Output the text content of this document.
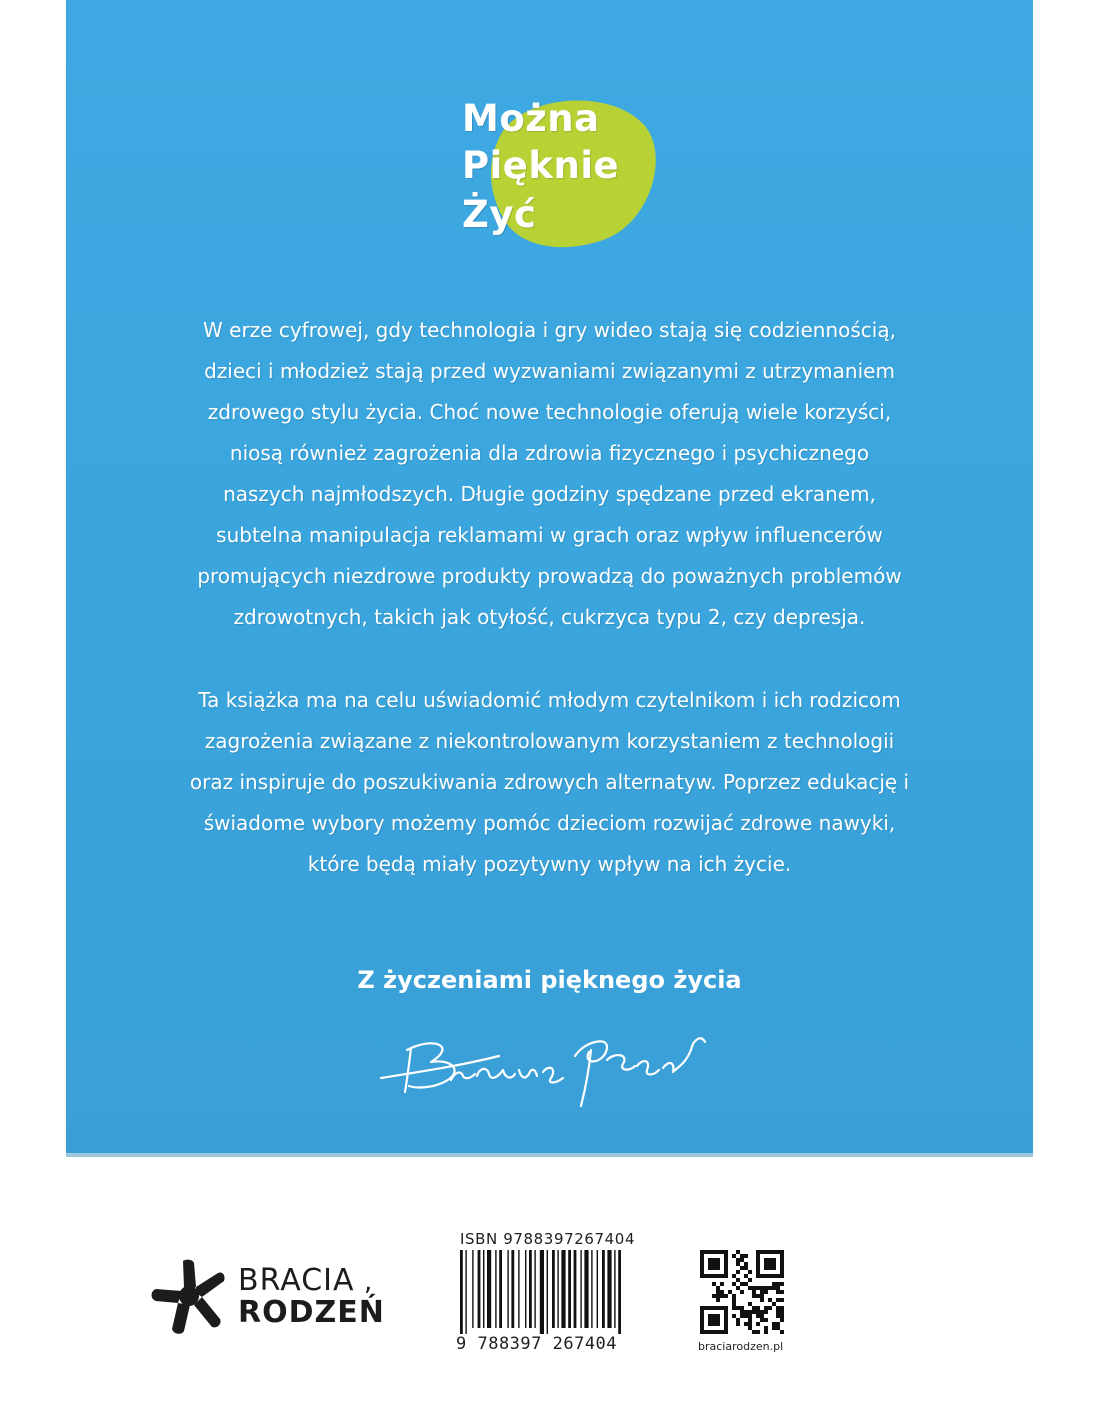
Można
Pięknie
Żyć
W erze cyfrowej, gdy technologia i gry wideo stają się codziennością,
dzieci i młodzież stają przed wyzwaniami związanymi z utrzymaniem
zdrowego stylu życia. Choć nowe technologie oferują wiele korzyści,
niosą również zagrożenia dla zdrowia fizycznego i psychicznego
naszych najmłodszych. Długie godziny spędzane przed ekranem,
subtelna manipulacja reklamami w grach oraz wpływ influencerów
promujących niezdrowe produkty prowadzą do poważnych problemów
zdrowotnych, takich jak otyłość, cukrzyca typu 2, czy depresja.
Ta książka ma na celu uświadomić młodym czytelnikom i ich rodzicom
zagrożenia związane z niekontrolowanym korzystaniem z technologii
oraz inspiruje do poszukiwania zdrowych alternatyw. Poprzez edukację i
świadome wybory możemy pomóc dzieciom rozwijać zdrowe nawyki,
które będą miały pozytywny wpływ na ich życie.
Z życzeniami pięknego życia
BRACIA
RODZEŃ
,
ISBN 9788397267404
9 788397 267404	braciarodzen.pl
